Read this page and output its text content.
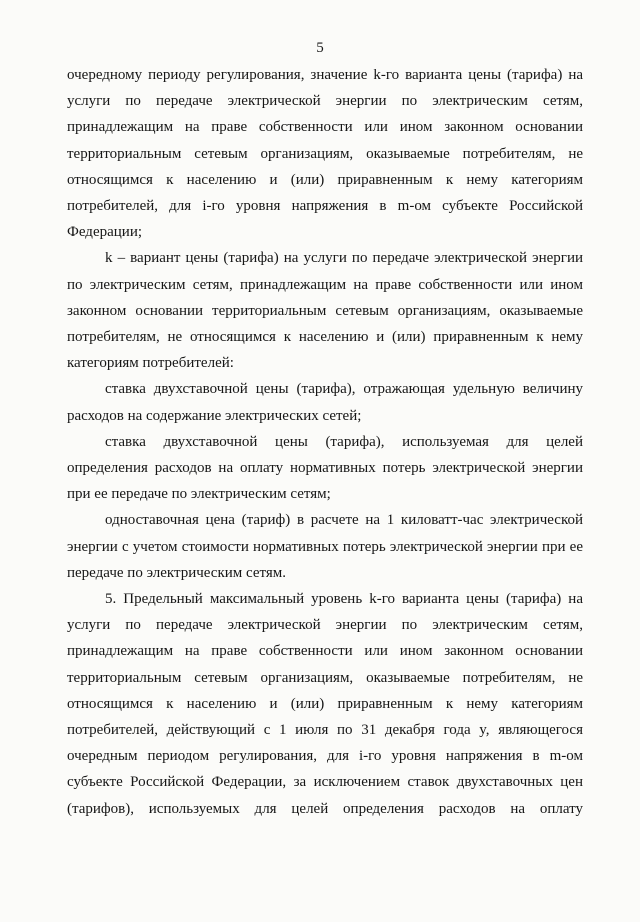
5

очередному периоду регулирования, значение k-го варианта цены (тарифа) на услуги по передаче электрической энергии по электрическим сетям, принадлежащим на праве собственности или ином законном основании территориальным сетевым организациям, оказываемые потребителям, не относящимся к населению и (или) приравненным к нему категориям потребителей, для i-го уровня напряжения в m-ом субъекте Российской Федерации;

k – вариант цены (тарифа) на услуги по передаче электрической энергии по электрическим сетям, принадлежащим на праве собственности или ином законном основании территориальным сетевым организациям, оказываемые потребителям, не относящимся к населению и (или) приравненным к нему категориям потребителей:

ставка двухставочной цены (тарифа), отражающая удельную величину расходов на содержание электрических сетей;

ставка двухставочной цены (тарифа), используемая для целей определения расходов на оплату нормативных потерь электрической энергии при ее передаче по электрическим сетям;

одноставочная цена (тариф) в расчете на 1 киловатт-час электрической энергии с учетом стоимости нормативных потерь электрической энергии при ее передаче по электрическим сетям.

5. Предельный максимальный уровень k-го варианта цены (тарифа) на услуги по передаче электрической энергии по электрическим сетям, принадлежащим на праве собственности или ином законном основании территориальным сетевым организациям, оказываемые потребителям, не относящимся к населению и (или) приравненным к нему категориям потребителей, действующий с 1 июля по 31 декабря года y, являющегося очередным периодом регулирования, для i-го уровня напряжения в m-ом субъекте Российской Федерации, за исключением ставок двухставочных цен (тарифов), используемых для целей определения расходов на оплату
